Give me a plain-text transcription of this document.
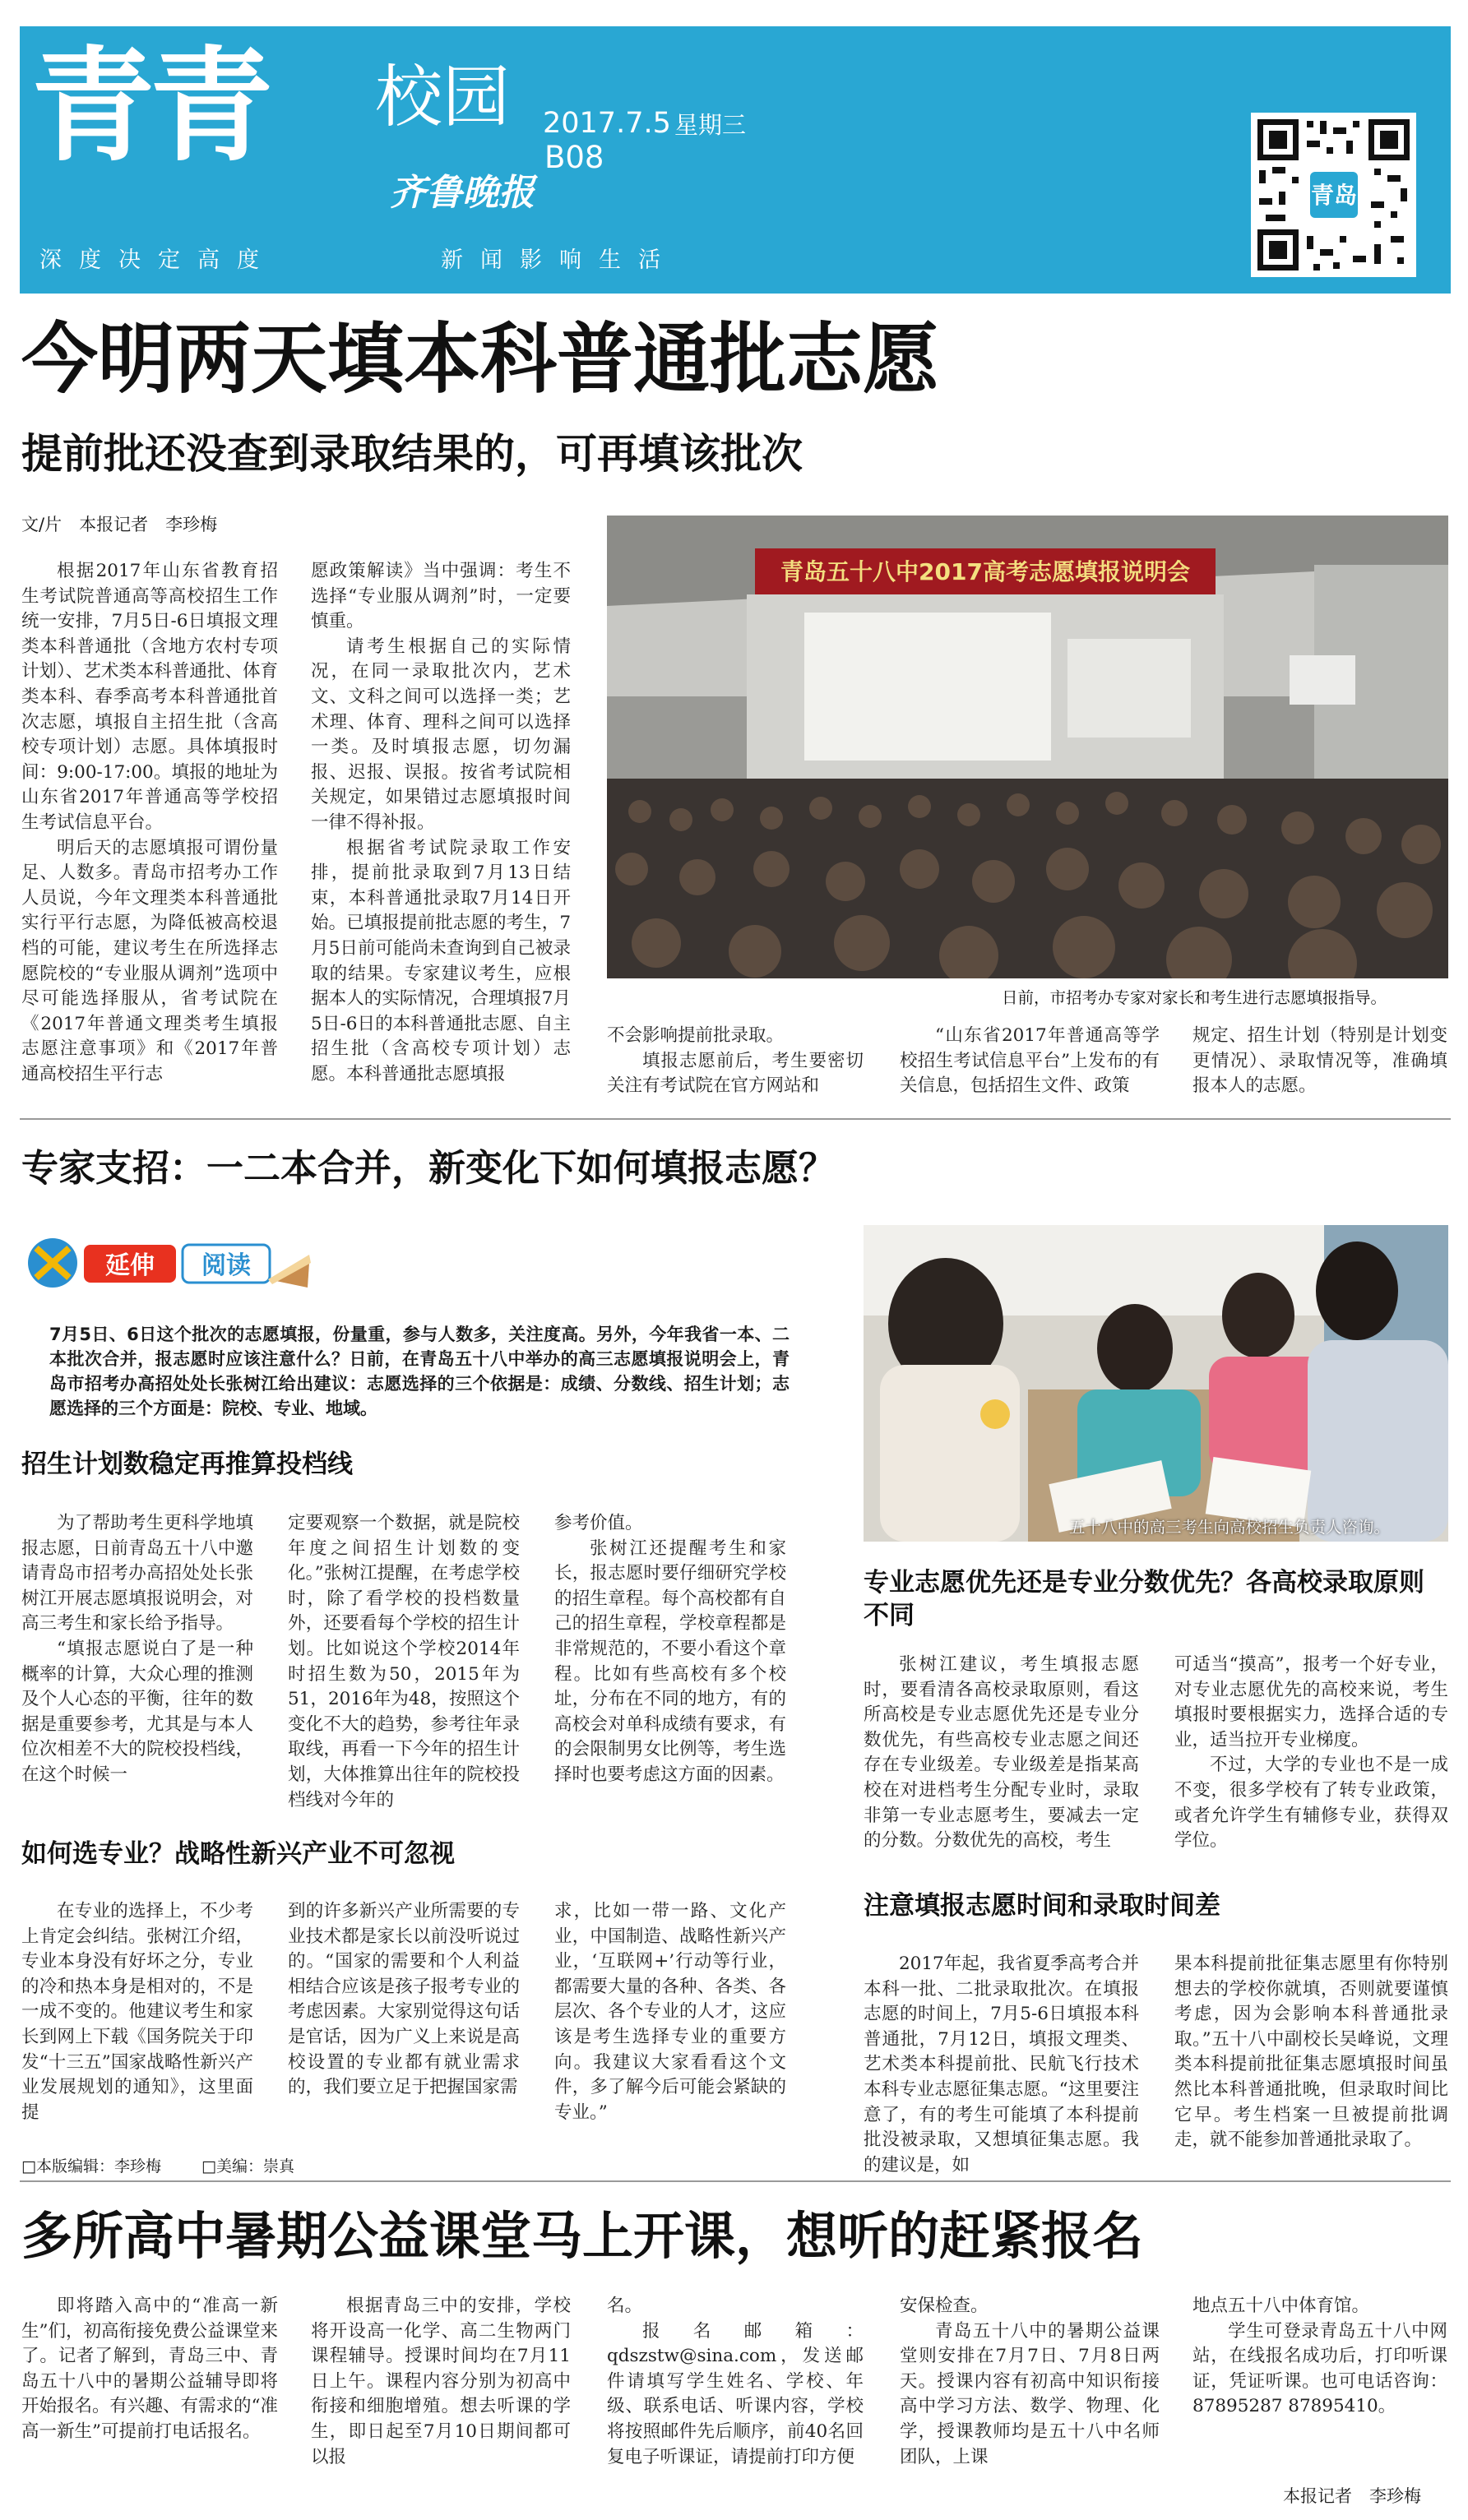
青青 校园
齐鲁晚报
2017.7.5 星期三
B08
深度决定高度	新闻影响生活
青岛
今明两天填本科普通批志愿
提前批还没查到录取结果的，可再填该批次
文/片　本报记者　李珍梅
青岛五十八中2017高考志愿填报说明会
日前，市招考办专家对家长和考生进行志愿填报指导。

根据2017年山东省教育招生考试院普通高等高校招生工作统一安排，7月5日-6日填报文理类本科普通批（含地方农村专项计划）、艺术类本科普通批、体育类本科、春季高考本科普通批首次志愿，填报自主招生批（含高校专项计划）志愿。具体填报时间：9:00-17:00。填报的地址为山东省2017年普通高等学校招生考试信息平台。

明后天的志愿填报可谓份量足、人数多。青岛市招考办工作人员说，今年文理类本科普通批实行平行志愿，为降低被高校退档的可能，建议考生在所选择志愿院校的“专业服从调剂”选项中尽可能选择服从，省考试院在《2017年普通文理类考生填报志愿注意事项》和《2017年普通高校招生平行志

愿政策解读》当中强调：考生不选择“专业服从调剂”时，一定要慎重。

请考生根据自己的实际情况，在同一录取批次内，艺术文、文科之间可以选择一类；艺术理、体育、理科之间可以选择一类。及时填报志愿，切勿漏报、迟报、误报。按省考试院相关规定，如果错过志愿填报时间一律不得补报。

根据省考试院录取工作安排，提前批录取到7月13日结束，本科普通批录取7月14日开始。已填报提前批志愿的考生，7月5日前可能尚未查询到自己被录取的结果。专家建议考生，应根据本人的实际情况，合理填报7月5日-6日的本科普通批志愿、自主招生批（含高校专项计划）志愿。本科普通批志愿填报

不会影响提前批录取。

填报志愿前后，考生要密切关注有考试院在官方网站和

“山东省2017年普通高等学校招生考试信息平台”上发布的有关信息，包括招生文件、政策

规定、招生计划（特别是计划变更情况）、录取情况等，准确填报本人的志愿。

专家支招：一二本合并，新变化下如何填报志愿？
延伸 阅读
7月5日、6日这个批次的志愿填报，份量重，参与人数多，关注度高。另外，今年我省一本、二本批次合并，报志愿时应该注意什么？日前，在青岛五十八中举办的高三志愿填报说明会上，青岛市招考办高招处处长张树江给出建议：志愿选择的三个依据是：成绩、分数线、招生计划；志愿选择的三个方面是：院校、专业、地域。
五十八中的高三考生向高校招生负责人咨询。
招生计划数稳定再推算投档线

为了帮助考生更科学地填报志愿，日前青岛五十八中邀请青岛市招考办高招处处长张树江开展志愿填报说明会，对高三考生和家长给予指导。

“填报志愿说白了是一种概率的计算，大众心理的推测及个人心态的平衡，往年的数据是重要参考，尤其是与本人位次相差不大的院校投档线，在这个时候一

定要观察一个数据，就是院校年度之间招生计划数的变化。”张树江提醒，在考虑学校时，除了看学校的投档数量外，还要看每个学校的招生计划。比如说这个学校2014年时招生数为50，2015年为51，2016年为48，按照这个变化不大的趋势，参考往年录取线，再看一下今年的招生计划，大体推算出往年的院校投档线对今年的

参考价值。

张树江还提醒考生和家长，报志愿时要仔细研究学校的招生章程。每个高校都有自己的招生章程，学校章程都是非常规范的，不要小看这个章程。比如有些高校有多个校址，分布在不同的地方，有的高校会对单科成绩有要求，有的会限制男女比例等，考生选择时也要考虑这方面的因素。

如何选专业？战略性新兴产业不可忽视

在专业的选择上，不少考上肯定会纠结。张树江介绍，专业本身没有好坏之分，专业的冷和热本身是相对的，不是一成不变的。他建议考生和家长到网上下载《国务院关于印发“十三五”国家战略性新兴产业发展规划的通知》，这里面提

到的许多新兴产业所需要的专业技术都是家长以前没听说过的。“国家的需要和个人利益相结合应该是孩子报考专业的考虑因素。大家别觉得这句话是官话，因为广义上来说是高校设置的专业都有就业需求的，我们要立足于把握国家需

求，比如一带一路、文化产业，中国制造、战略性新兴产业，‘互联网+’行动等行业，都需要大量的各种、各类、各层次、各个专业的人才，这应该是考生选择专业的重要方向。我建议大家看看这个文件，多了解今后可能会紧缺的专业。”

专业志愿优先还是专业分数优先？各高校录取原则不同

张树江建议，考生填报志愿时，要看清各高校录取原则，看这所高校是专业志愿优先还是专业分数优先，有些高校专业志愿之间还存在专业级差。专业级差是指某高校在对进档考生分配专业时，录取非第一专业志愿考生，要减去一定的分数。分数优先的高校，考生

可适当“摸高”，报考一个好专业，对专业志愿优先的高校来说，考生填报时要根据实力，选择合适的专业，适当拉开专业梯度。

不过，大学的专业也不是一成不变，很多学校有了转专业政策，或者允许学生有辅修专业，获得双学位。

注意填报志愿时间和录取时间差

2017年起，我省夏季高考合并本科一批、二批录取批次。在填报志愿的时间上，7月5-6日填报本科普通批，7月12日，填报文理类、艺术类本科提前批、民航飞行技术本科专业志愿征集志愿。“这里要注意了，有的考生可能填了本科提前批没被录取，又想填征集志愿。我的建议是，如

果本科提前批征集志愿里有你特别想去的学校你就填，否则就要谨慎考虑，因为会影响本科普通批录取。”五十八中副校长吴峰说，文理类本科提前批征集志愿填报时间虽然比本科普通批晚，但录取时间比它早。考生档案一旦被提前批调走，就不能参加普通批录取了。

□本版编辑：李珍梅	□美编：崇真
多所高中暑期公益课堂马上开课，想听的赶紧报名

即将踏入高中的“准高一新生”们，初高衔接免费公益课堂来了。记者了解到，青岛三中、青岛五十八中的暑期公益辅导即将开始报名。有兴趣、有需求的“准高一新生”可提前打电话报名。

根据青岛三中的安排，学校将开设高一化学、高二生物两门课程辅导。授课时间均在7月11日上午。课程内容分别为初高中衔接和细胞增殖。想去听课的学生，即日起至7月10日期间都可以报

名。

报名邮箱：qdszstw@sina.com，发送邮件请填写学生姓名、学校、年级、联系电话、听课内容，学校将按照邮件先后顺序，前40名回复电子听课证，请提前打印方便

安保检查。

青岛五十八中的暑期公益课堂则安排在7月7日、7月8日两天。授课内容有初高中知识衔接高中学习方法、数学、物理、化学，授课教师均是五十八中名师团队，上课

地点五十八中体育馆。

学生可登录青岛五十八中网站，在线报名成功后，打印听课证，凭证听课。也可电话咨询：87895287 87895410。

本报记者　李珍梅
